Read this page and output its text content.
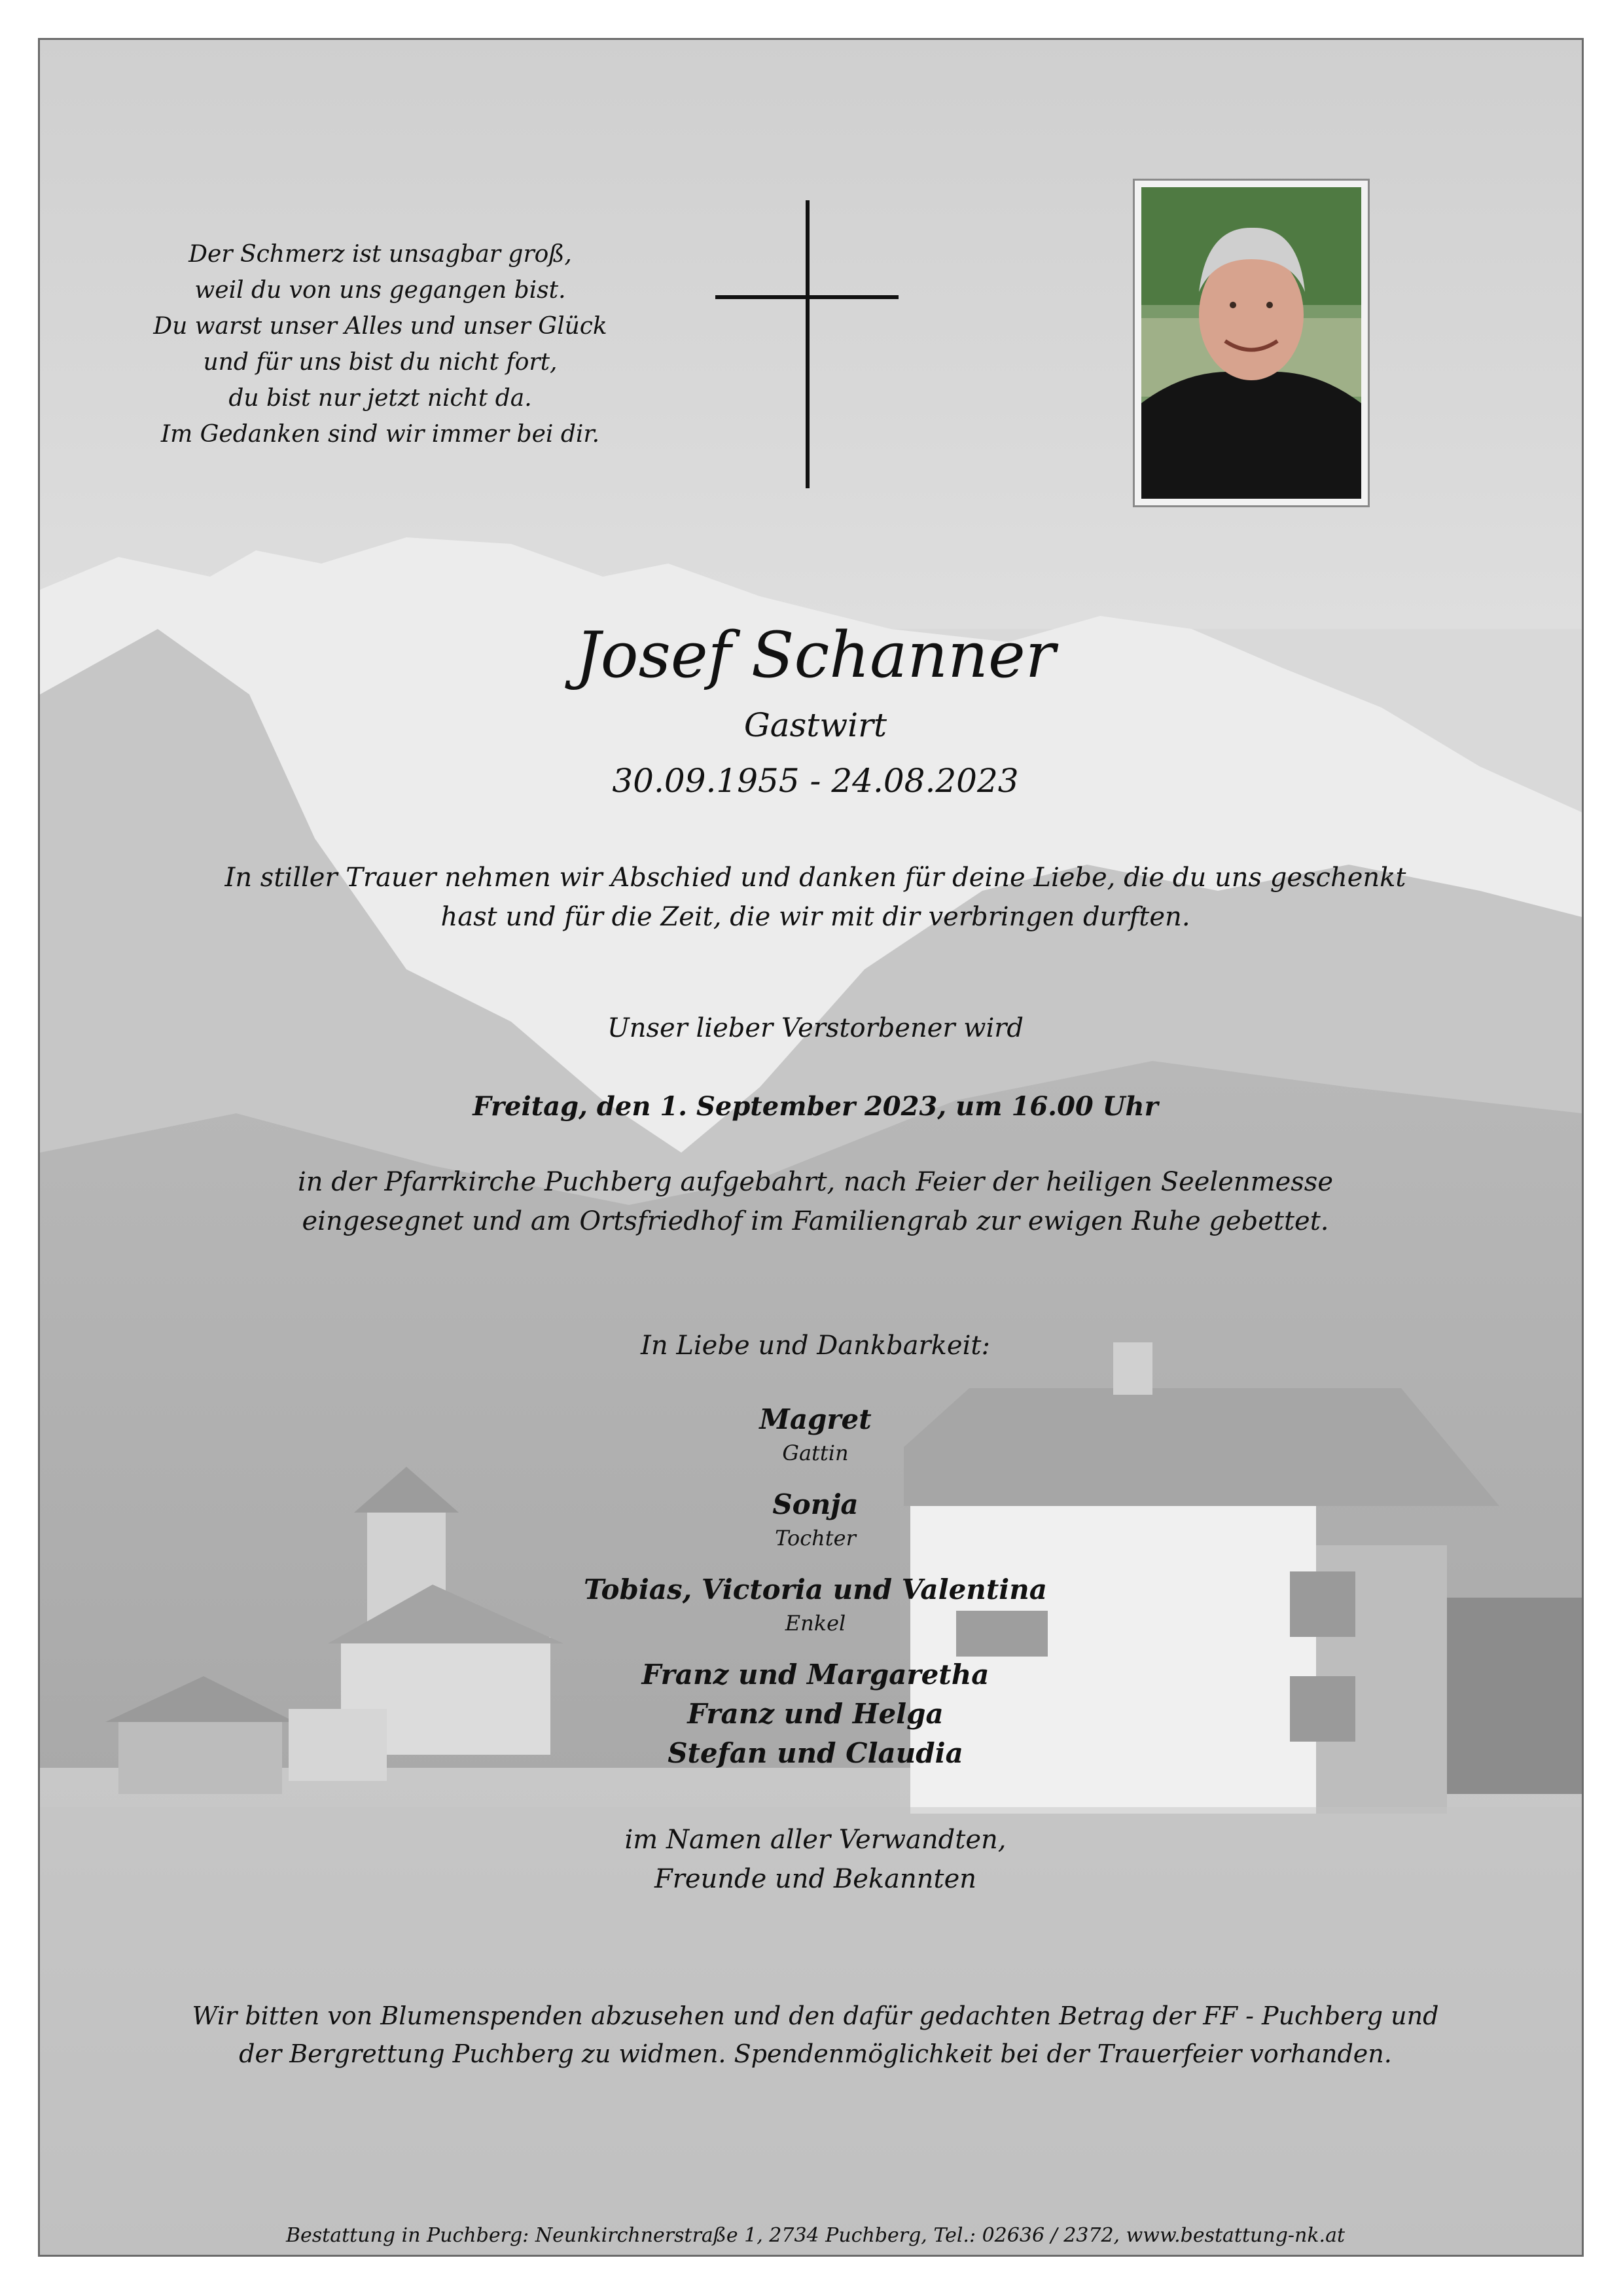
Der Schmerz ist unsagbar groß,
weil du von uns gegangen bist.
Du warst unser Alles und unser Glück
und für uns bist du nicht fort,
du bist nur jetzt nicht da.
Im Gedanken sind wir immer bei dir.
Josef Schanner
Gastwirt
30.09.1955 - 24.08.2023
In stiller Trauer nehmen wir Abschied und danken für deine Liebe, die du uns geschenkt
hast und für die Zeit, die wir mit dir verbringen durften.
Unser lieber Verstorbener wird
Freitag, den 1. September 2023, um 16.00 Uhr
in der Pfarrkirche Puchberg aufgebahrt, nach Feier der heiligen Seelenmesse
eingesegnet und am Ortsfriedhof im Familiengrab zur ewigen Ruhe gebettet.
In Liebe und Dankbarkeit:
Magret
Gattin
Sonja
Tochter
Tobias, Victoria und Valentina
Enkel
Franz und Margaretha
Franz und Helga
Stefan und Claudia
im Namen aller Verwandten,
Freunde und Bekannten
Wir bitten von Blumenspenden abzusehen und den dafür gedachten Betrag der FF - Puchberg und
der Bergrettung Puchberg zu widmen. Spendenmöglichkeit bei der Trauerfeier vorhanden.
Bestattung in Puchberg: Neunkirchnerstraße 1, 2734 Puchberg, Tel.: 02636 / 2372, www.bestattung-nk.at
